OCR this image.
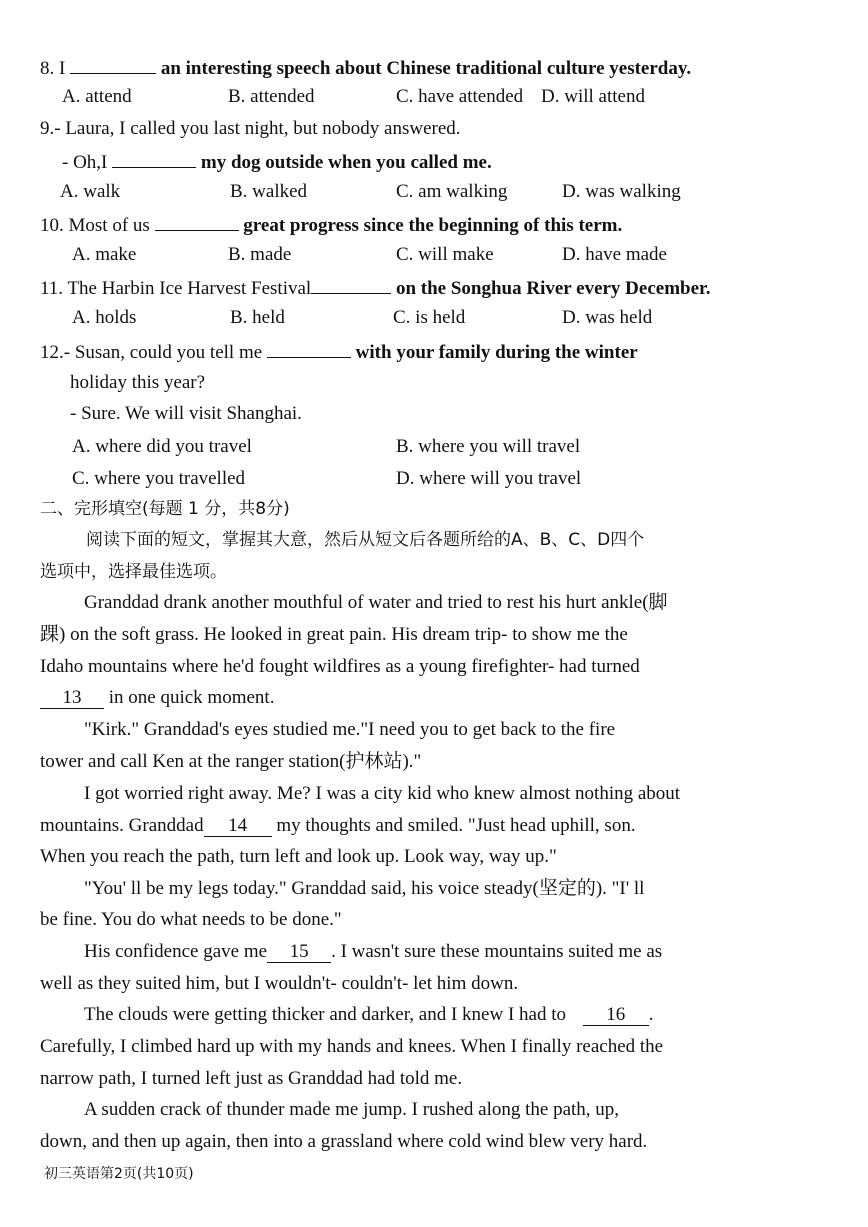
8. I	an interesting speech about Chinese traditional culture yesterday.
A. attend	B. attended	C. have attended D. will attend
9.- Laura, I called you last night, but nobody answered.
- Oh,I	my dog outside when you called me.
A. walk	B. walked	C. am walking	D. was walking
10. Most of us	great progress since the beginning of this term.
A. make	B. made	C. will make	D. have made
11. The Harbin Ice Harvest Festival	on the Songhua River every December.
A. holds	B. held	C. is held	D. was held
12.- Susan, could you tell me	with your family during the winter
holiday this year?
- Sure. We will visit Shanghai.
A. where did you travel	B. where you will travel
C. where you travelled	D. where will you travel
二、完形填空(每题 1 分，共8分)
阅读下面的短文，掌握其大意，然后从短文后各题所给的A、B、C、D四个
选项中，选择最佳选项。
Granddad drank another mouthful of water and tried to rest his hurt ankle(脚
踝) on the soft grass. He looked in great pain. His dream trip- to show me the
Idaho mountains where he'd fought wildfires as a young firefighter- had turned
13 in one quick moment.
"Kirk." Granddad's eyes studied me."I need you to get back to the fire
tower and call Ken at the ranger station(护林站)."
I got worried right away. Me? I was a city kid who knew almost nothing about
mountains. Granddad 14 my thoughts and smiled. "Just head uphill, son.
When you reach the path, turn left and look up. Look way, way up."
"You' ll be my legs today." Granddad said, his voice steady(坚定的). "I' ll
be fine. You do what needs to be done."
His confidence gave me 15 . I wasn't sure these mountains suited me as
well as they suited him, but I wouldn't- couldn't- let him down.
The clouds were getting thicker and darker, and I knew I had to 16 .
Carefully, I climbed hard up with my hands and knees. When I finally reached the
narrow path, I turned left just as Granddad had told me.
A sudden crack of thunder made me jump. I rushed along the path, up,
down, and then up again, then into a grassland where cold wind blew very hard.
初三英语第2页(共10页)
